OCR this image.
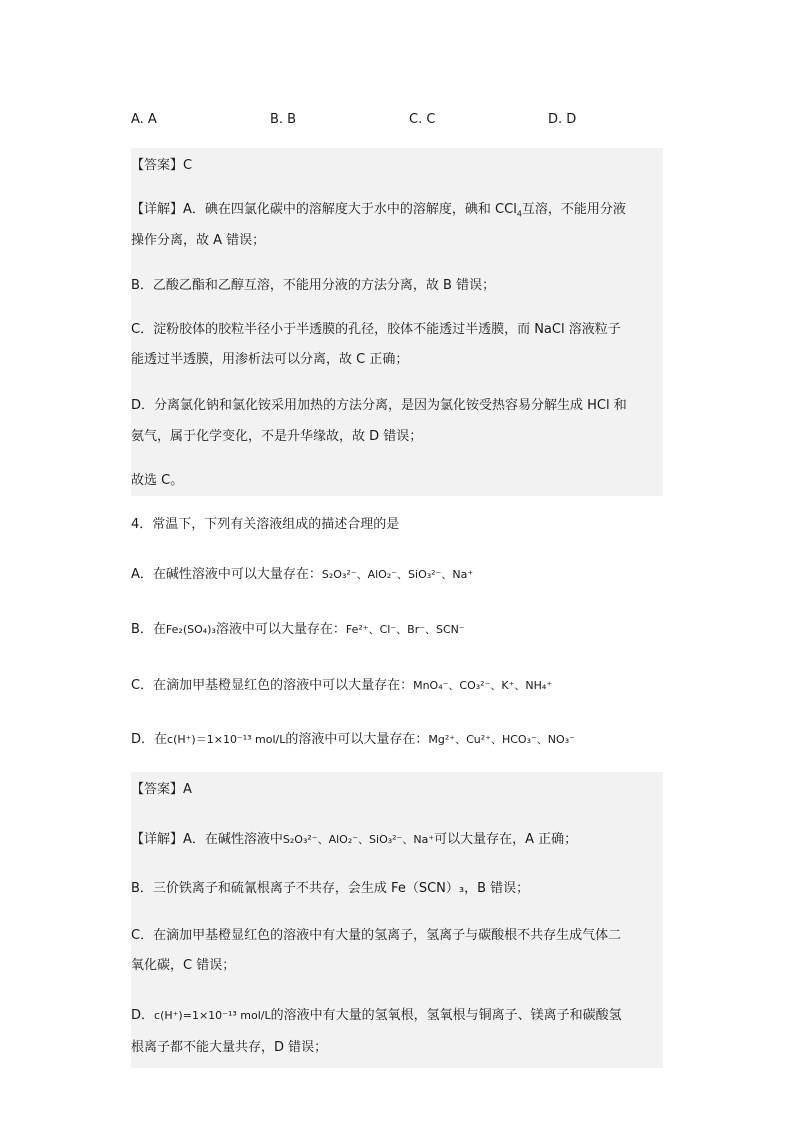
A. A	B. B	C. C	D. D
【答案】C
【详解】A．碘在四氯化碳中的溶解度大于水中的溶解度，碘和 CCl$_4$互溶，不能用分液
操作分离，故 A 错误；
B．乙酸乙酯和乙醇互溶，不能用分液的方法分离，故 B 错误；
C．淀粉胶体的胶粒半径小于半透膜的孔径，胶体不能透过半透膜，而 NaCl 溶液粒子
能透过半透膜，用渗析法可以分离，故 C 正确；
D．分离氯化钠和氯化铵采用加热的方法分离，是因为氯化铵受热容易分解生成 HCl 和
氨气，属于化学变化，不是升华缘故，故 D 错误；
故选 C。
4．常温下，下列有关溶液组成的描述合理的是
A．在碱性溶液中可以大量存在：S₂O₃²⁻、AlO₂⁻、SiO₃²⁻、Na⁺
B．在Fe₂(SO₄)₃溶液中可以大量存在：Fe²⁺、Cl⁻、Br⁻、SCN⁻
C．在滴加甲基橙显红色的溶液中可以大量存在：MnO₄⁻、CO₃²⁻、K⁺、NH₄⁺
D．在c(H⁺)＝1×10⁻¹³ mol/L的溶液中可以大量存在：Mg²⁺、Cu²⁺、HCO₃⁻、NO₃⁻
【答案】A
【详解】A．在碱性溶液中S₂O₃²⁻、AlO₂⁻、SiO₃²⁻、Na⁺可以大量存在，A 正确；
B．三价铁离子和硫氰根离子不共存，会生成 Fe（SCN）₃，B 错误；
C．在滴加甲基橙显红色的溶液中有大量的氢离子，氢离子与碳酸根不共存生成气体二
氧化碳，C 错误；
D．c(H⁺)=1×10⁻¹³ mol/L的溶液中有大量的氢氧根，氢氧根与铜离子、镁离子和碳酸氢
根离子都不能大量共存，D 错误；
